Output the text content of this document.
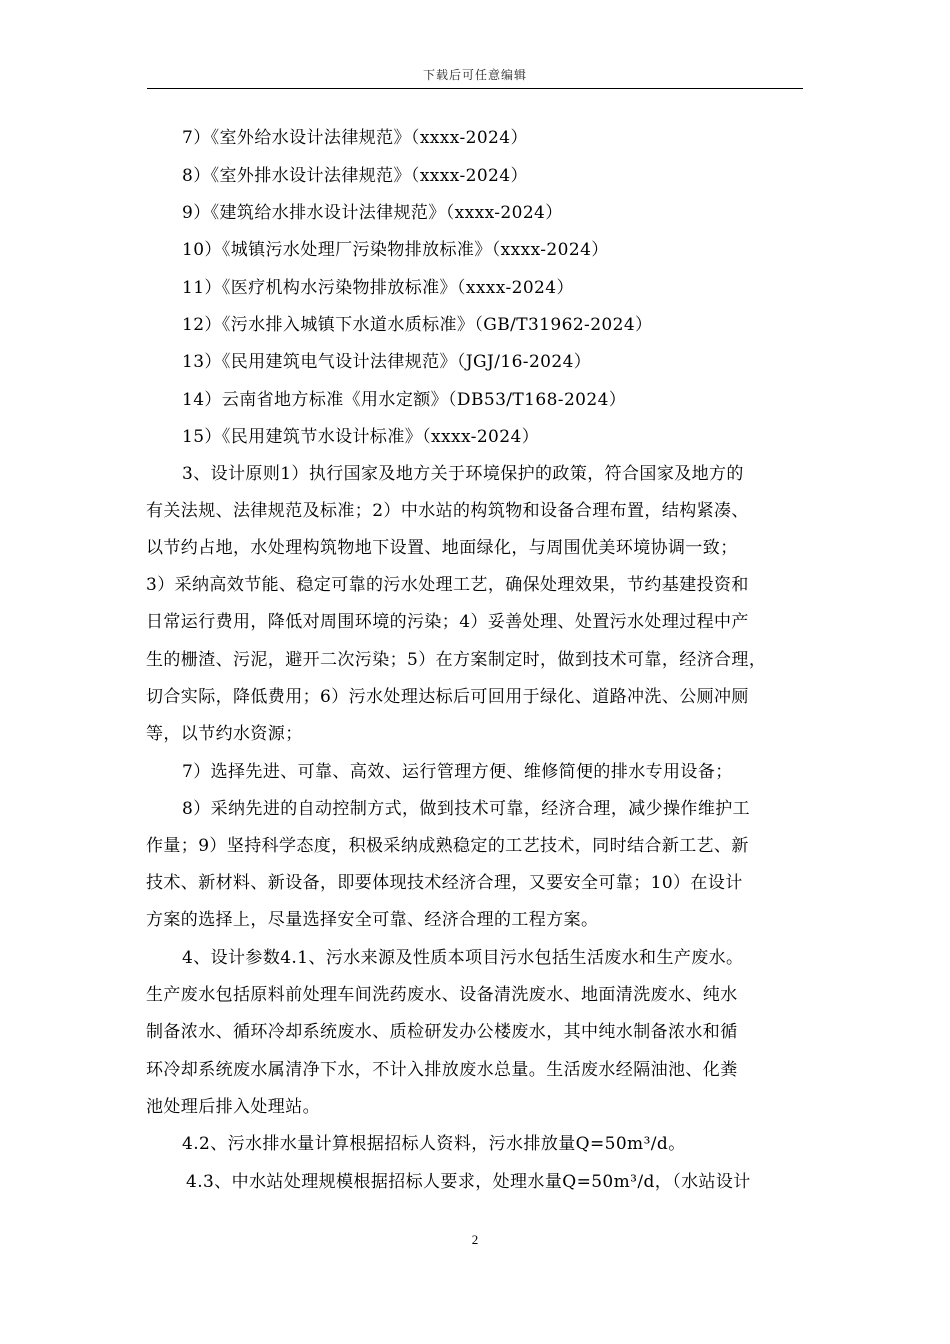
下载后可任意编辑
7）《室外给水设计法律规范》（xxxx-2024）
8）《室外排水设计法律规范》（xxxx-2024）
9）《建筑给水排水设计法律规范》（xxxx-2024）
10）《城镇污水处理厂污染物排放标准》（xxxx-2024）
11）《医疗机构水污染物排放标准》（xxxx-2024）
12）《污水排入城镇下水道水质标准》（GB/T31962-2024）
13）《民用建筑电气设计法律规范》（JGJ/16-2024）
14）云南省地方标准《用水定额》（DB53/T168-2024）
15）《民用建筑节水设计标准》（xxxx-2024）
3、设计原则1）执行国家及地方关于环境保护的政策，符合国家及地方的
有关法规、法律规范及标准；2）中水站的构筑物和设备合理布置，结构紧凑、
以节约占地，水处理构筑物地下设置、地面绿化，与周围优美环境协调一致；
3）采纳高效节能、稳定可靠的污水处理工艺，确保处理效果，节约基建投资和
日常运行费用，降低对周围环境的污染；4）妥善处理、处置污水处理过程中产
生的栅渣、污泥，避开二次污染；5）在方案制定时，做到技术可靠，经济合理，
切合实际，降低费用；6）污水处理达标后可回用于绿化、道路冲洗、公厕冲厕
等，以节约水资源；
7）选择先进、可靠、高效、运行管理方便、维修简便的排水专用设备；
8）采纳先进的自动控制方式，做到技术可靠，经济合理，减少操作维护工
作量；9）坚持科学态度，积极采纳成熟稳定的工艺技术，同时结合新工艺、新
技术、新材料、新设备，即要体现技术经济合理，又要安全可靠；10）在设计
方案的选择上，尽量选择安全可靠、经济合理的工程方案。
4、设计参数4.1、污水来源及性质本项目污水包括生活废水和生产废水。
生产废水包括原料前处理车间洗药废水、设备清洗废水、地面清洗废水、纯水
制备浓水、循环冷却系统废水、质检研发办公楼废水，其中纯水制备浓水和循
环冷却系统废水属清净下水，不计入排放废水总量。生活废水经隔油池、化粪
池处理后排入处理站。
4.2、污水排水量计算根据招标人资料，污水排放量Q=50m³/d。
4.3、中水站处理规模根据招标人要求，处理水量Q=50m³/d，（水站设计
2
